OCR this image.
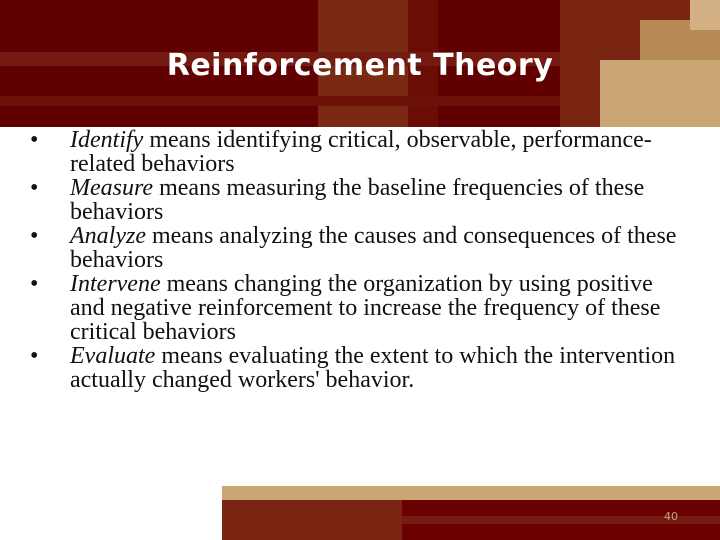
Reinforcement Theory
• Identify means identifying critical, observable, performance-related behaviors
• Measure means measuring the baseline frequencies of these behaviors
• Analyze means analyzing the causes and consequences of these behaviors
• Intervene means changing the organization by using positive and negative reinforcement to increase the frequency of these critical behaviors
• Evaluate means evaluating the extent to which the intervention actually changed workers' behavior.
40
